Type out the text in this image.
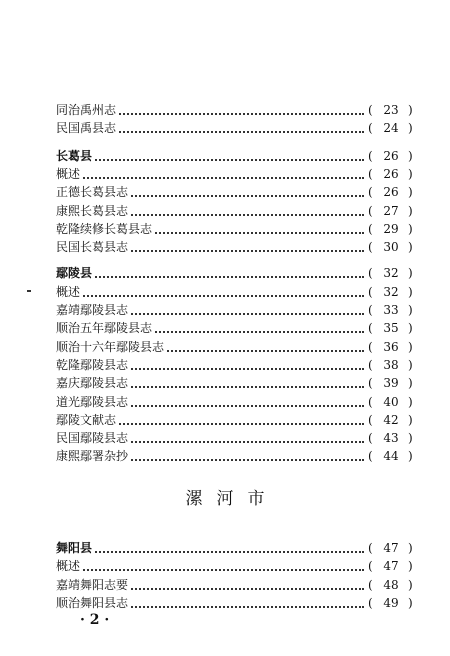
同治禹州志	( 23 )
民国禹县志	( 24 )
长葛县	( 26 )
概述	( 26 )
正德长葛县志	( 26 )
康熙长葛县志	( 27 )
乾隆续修长葛县志	( 29 )
民国长葛县志	( 30 )
鄢陵县	( 32 )
概述	( 32 )
嘉靖鄢陵县志	( 33 )
顺治五年鄢陵县志	( 35 )
顺治十六年鄢陵县志	( 36 )
乾隆鄢陵县志	( 38 )
嘉庆鄢陵县志	( 39 )
道光鄢陵县志	( 40 )
鄢陵文献志	( 42 )
民国鄢陵县志	( 43 )
康熙鄢署杂抄	( 44 )
漯河市
舞阳县	( 47 )
概述	( 47 )
嘉靖舞阳志要	( 48 )
顺治舞阳县志	( 49 )
· 2 ·
